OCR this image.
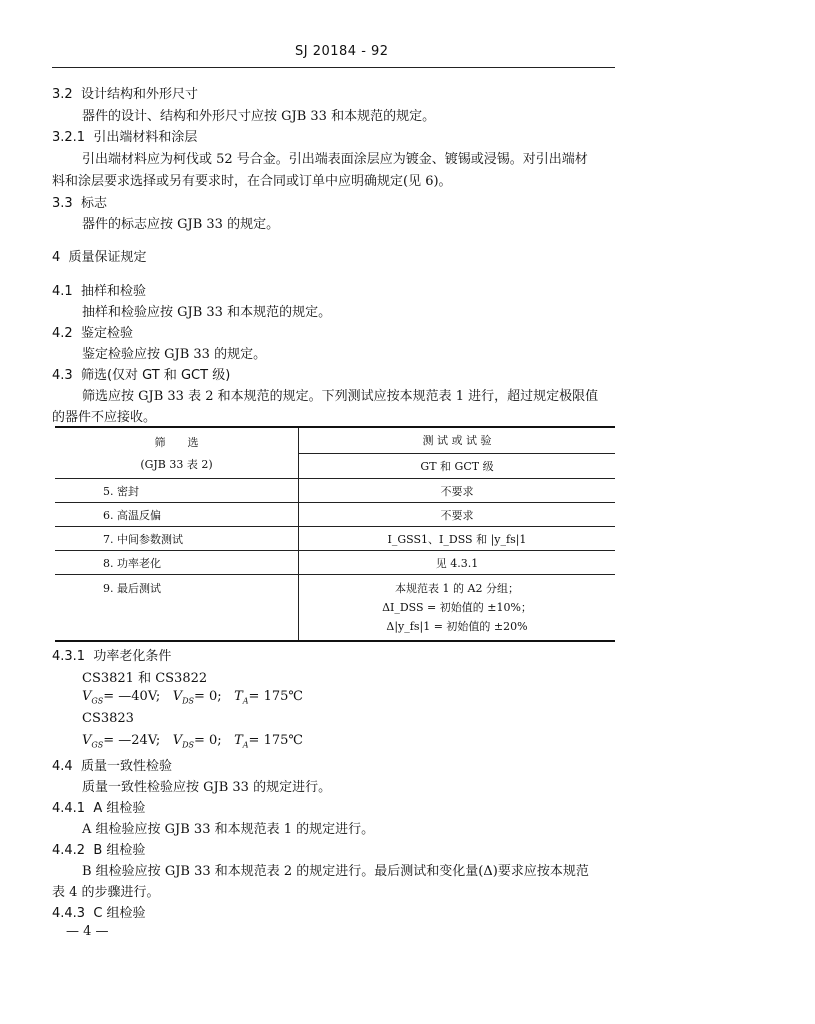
SJ 20184 - 92
3.2 设计结构和外形尺寸
器件的设计、结构和外形尺寸应按 GJB 33 和本规范的规定。
3.2.1 引出端材料和涂层
引出端材料应为柯伐或 52 号合金。引出端表面涂层应为镀金、镀锡或浸锡。对引出端材
料和涂层要求选择或另有要求时，在合同或订单中应明确规定(见 6)。
3.3 标志
器件的标志应按 GJB 33 的规定。
4 质量保证规定
4.1 抽样和检验
抽样和检验应按 GJB 33 和本规范的规定。
4.2 鉴定检验
鉴定检验应按 GJB 33 的规定。
4.3 筛选(仅对 GT 和 GCT 级)
筛选应按 GJB 33 表 2 和本规范的规定。下列测试应按本规范表 1 进行，超过规定极限值
的器件不应接收。
筛　　选
(GJB 33 表 2)	测 试 或 试 验
	GT 和 GCT 级
5. 密封	不要求
6. 高温反偏	不要求
7. 中间参数测试	I_GSS1、I_DSS 和 |y_fs|1
8. 功率老化	见 4.3.1
9. 最后测试	本规范表 1 的 A2 分组；
ΔI_DSS = 初始值的 ±10%；
Δ|y_fs|1 = 初始值的 ±20%
4.3.1 功率老化条件
CS3821 和 CS3822
$V_{GS}=$ —40V;   $V_{DS}= 0$;   $T_A=$ 175℃
CS3823
$V_{GS}=$ —24V;   $V_{DS}= 0$;   $T_A=$ 175℃
4.4 质量一致性检验
质量一致性检验应按 GJB 33 的规定进行。
4.4.1 A 组检验
A 组检验应按 GJB 33 和本规范表 1 的规定进行。
4.4.2 B 组检验
B 组检验应按 GJB 33 和本规范表 2 的规定进行。最后测试和变化量(Δ)要求应按本规范
表 4 的步骤进行。
4.4.3 C 组检验
— 4 —
